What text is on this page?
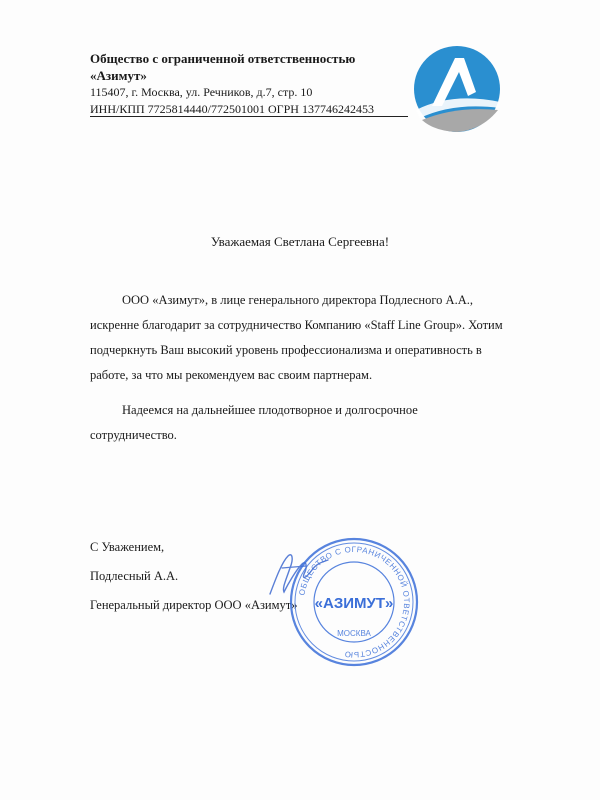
Общество с ограниченной ответственностью
«Азимут»
115407, г. Москва, ул. Речников, д.7, стр. 10
ИНН/КПП 7725814440/772501001 ОГРН 137746242453
Уважаемая Светлана Сергеевна!
ООО «Азимут», в лице генерального директора Подлесного А.А.,
искренне благодарит за сотрудничество Компанию «Staff Line Group». Хотим
подчеркнуть Ваш высокий уровень профессионализма и оперативность в
работе, за что мы рекомендуем вас своим партнерам.
Надеемся на дальнейшее плодотворное и долгосрочное
сотрудничество.
С Уважением,
Подлесный А.А.
Генеральный директор ООО «Азимут»
ОБЩЕСТВО С ОГРАНИЧЕННОЙ ОТВЕТСТВЕННОСТЬЮ
«АЗИМУТ»
МОСКВА
